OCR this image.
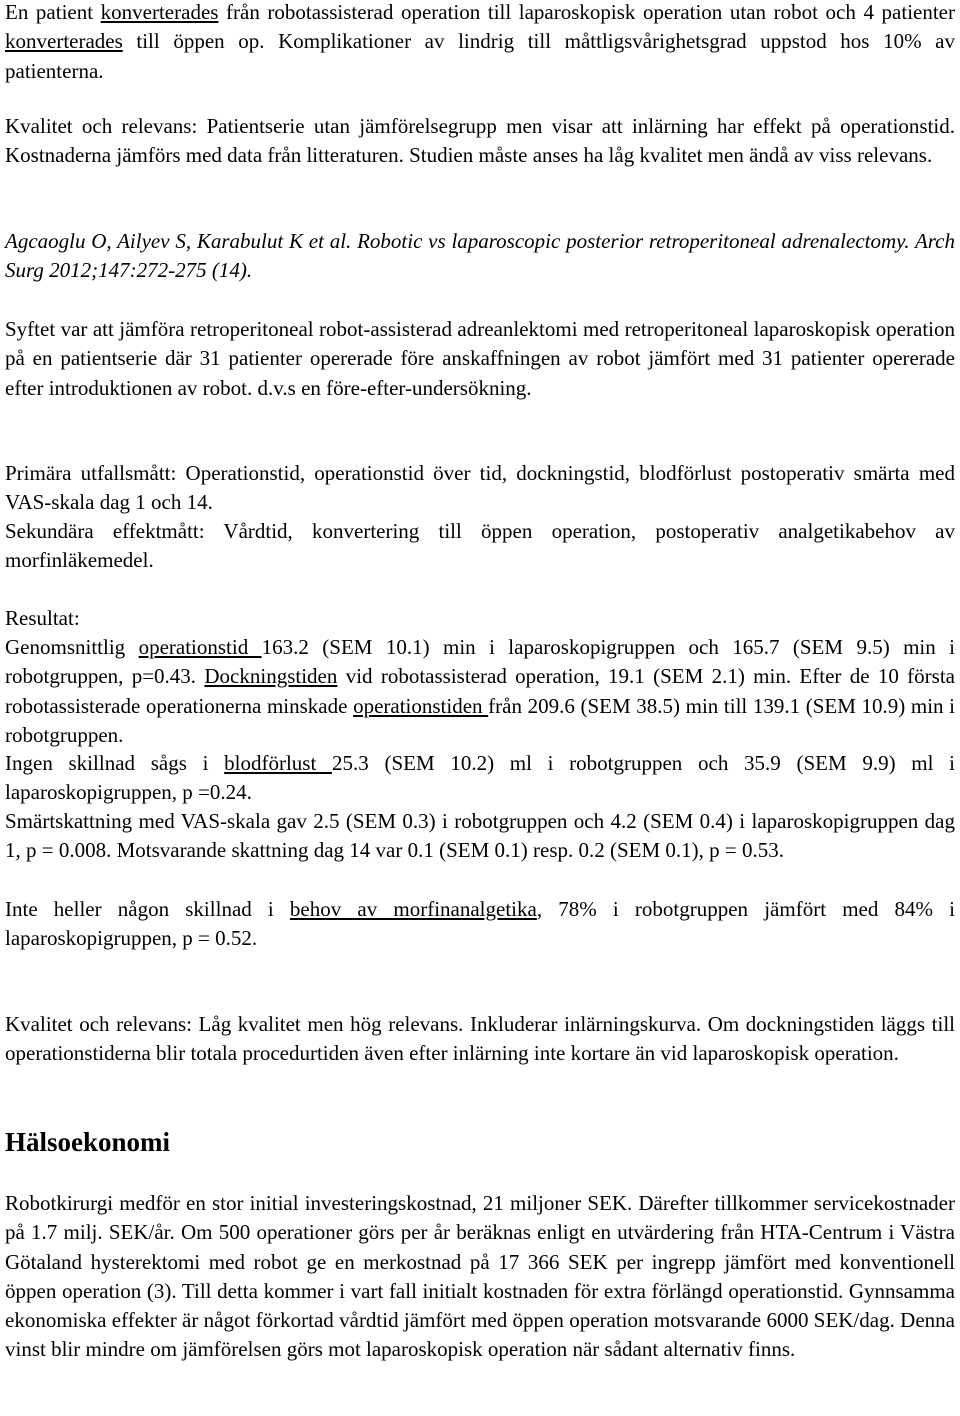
En patient konverterades från robotassisterad operation till laparoskopisk operation utan robot och 4 patienter konverterades till öppen op. Komplikationer av lindrig till måttligsvårighetsgrad uppstod hos 10% av patienterna.

Kvalitet och relevans: Patientserie utan jämförelsegrupp men visar att inlärning har effekt på operationstid. Kostnaderna jämförs med data från litteraturen. Studien måste anses ha låg kvalitet men ändå av viss relevans.

Agcaoglu O, Ailyev S, Karabulut K et al. Robotic vs laparoscopic posterior retroperitoneal adrenalectomy. Arch Surg 2012;147:272-275 (14).

Syftet var att jämföra retroperitoneal robot-assisterad adreanlektomi med retroperitoneal laparoskopisk operation på en patientserie där 31 patienter opererade före anskaffningen av robot jämfört med 31 patienter opererade efter introduktionen av robot. d.v.s en före-efter-undersökning.

Primära utfallsmått: Operationstid, operationstid över tid, dockningstid, blodförlust postoperativ smärta med VAS-skala dag 1 och 14.

Sekundära effektmått: Vårdtid, konvertering till öppen operation, postoperativ analgetikabehov av morfinläkemedel.

Resultat:

Genomsnittlig operationstid 163.2 (SEM 10.1) min i laparoskopigruppen och 165.7 (SEM 9.5) min i robotgruppen, p=0.43. Dockningstiden vid robotassisterad operation, 19.1 (SEM 2.1) min. Efter de 10 första robotassisterade operationerna minskade operationstiden från 209.6 (SEM 38.5) min till 139.1 (SEM 10.9) min i robotgruppen.

Ingen skillnad sågs i blodförlust 25.3 (SEM 10.2) ml i robotgruppen och 35.9 (SEM 9.9) ml i laparoskopigruppen, p =0.24.

Smärtskattning med VAS-skala gav 2.5 (SEM 0.3) i robotgruppen och 4.2 (SEM 0.4) i laparoskopigruppen dag 1, p = 0.008. Motsvarande skattning dag 14 var 0.1 (SEM 0.1) resp. 0.2 (SEM 0.1), p = 0.53.

Inte heller någon skillnad i behov av morfinanalgetika, 78% i robotgruppen jämfört med 84% i laparoskopigruppen, p = 0.52.

Kvalitet och relevans: Låg kvalitet men hög relevans. Inkluderar inlärningskurva. Om dockningstiden läggs till operationstiderna blir totala procedurtiden även efter inlärning inte kortare än vid laparoskopisk operation.

Hälsoekonomi

Robotkirurgi medför en stor initial investeringskostnad, 21 miljoner SEK. Därefter tillkommer servicekostnader på 1.7 milj. SEK/år. Om 500 operationer görs per år beräknas enligt en utvärdering från HTA-Centrum i Västra Götaland hysterektomi med robot ge en merkostnad på 17 366 SEK per ingrepp jämfört med konventionell öppen operation (3). Till detta kommer i vart fall initialt kostnaden för extra förlängd operationstid. Gynnsamma ekonomiska effekter är något förkortad vårdtid jämfört med öppen operation motsvarande 6000 SEK/dag. Denna vinst blir mindre om jämförelsen görs mot laparoskopisk operation när sådant alternativ finns.
